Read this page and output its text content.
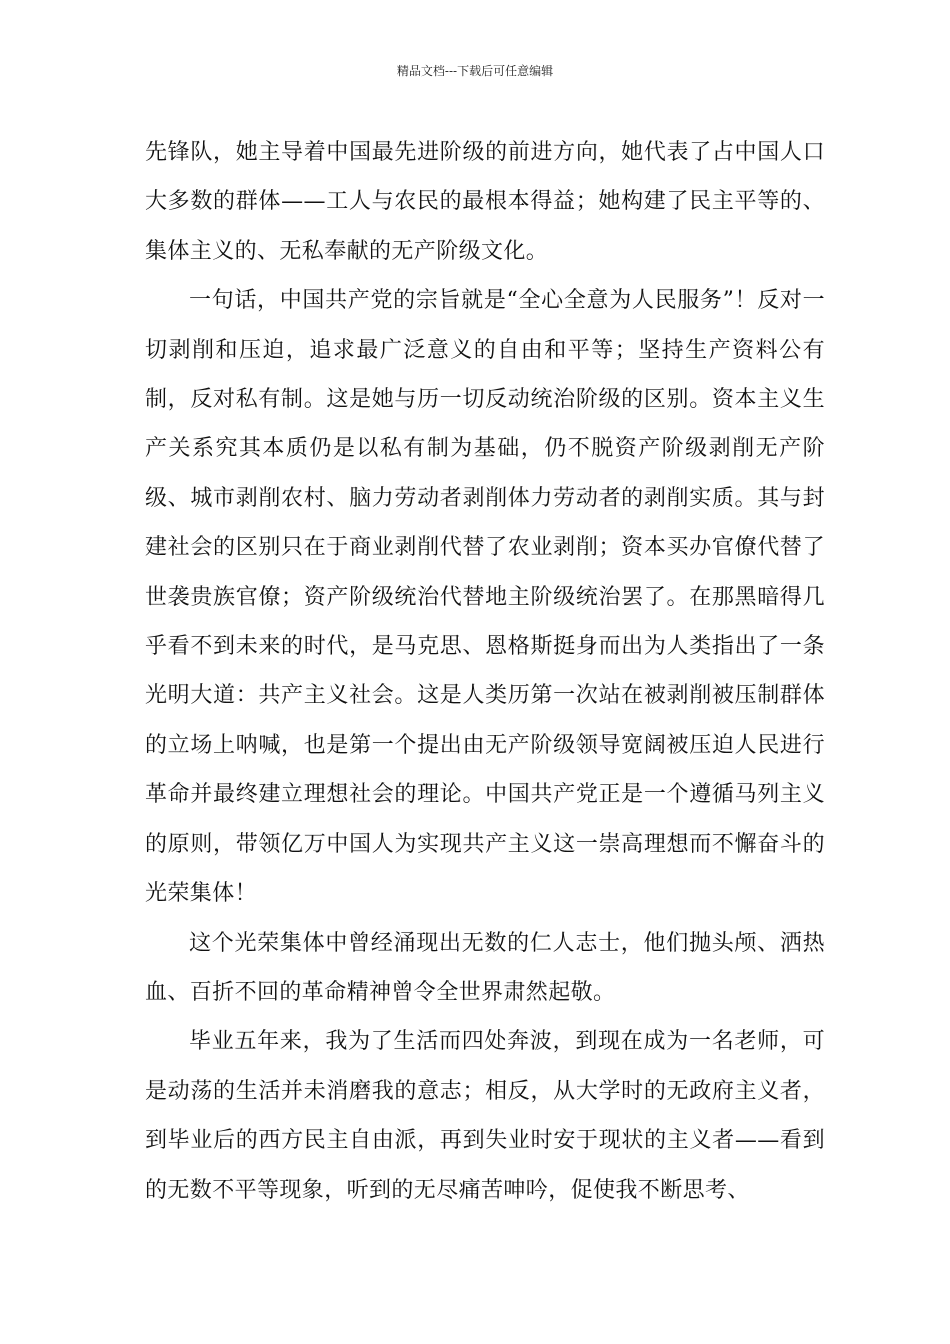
精品文档---下载后可任意编辑

先锋队，她主导着中国最先进阶级的前进方向，她代表了占中国人口大多数的群体——工人与农民的最根本得益；她构建了民主平等的、集体主义的、无私奉献的无产阶级文化。

一句话，中国共产党的宗旨就是“全心全意为人民服务”！反对一切剥削和压迫，追求最广泛意义的自由和平等；坚持生产资料公有制，反对私有制。这是她与历一切反动统治阶级的区别。资本主义生产关系究其本质仍是以私有制为基础，仍不脱资产阶级剥削无产阶级、城市剥削农村、脑力劳动者剥削体力劳动者的剥削实质。其与封建社会的区别只在于商业剥削代替了农业剥削；资本买办官僚代替了世袭贵族官僚；资产阶级统治代替地主阶级统治罢了。在那黑暗得几乎看不到未来的时代，是马克思、恩格斯挺身而出为人类指出了一条光明大道：共产主义社会。这是人类历第一次站在被剥削被压制群体的立场上呐喊，也是第一个提出由无产阶级领导宽阔被压迫人民进行革命并最终建立理想社会的理论。中国共产党正是一个遵循马列主义的原则，带领亿万中国人为实现共产主义这一崇高理想而不懈奋斗的光荣集体！

这个光荣集体中曾经涌现出无数的仁人志士，他们抛头颅、洒热血、百折不回的革命精神曾令全世界肃然起敬。

毕业五年来，我为了生活而四处奔波，到现在成为一名老师，可是动荡的生活并未消磨我的意志；相反，从大学时的无政府主义者，到毕业后的西方民主自由派，再到失业时安于现状的主义者——看到的无数不平等现象，听到的无尽痛苦呻吟，促使我不断思考、
